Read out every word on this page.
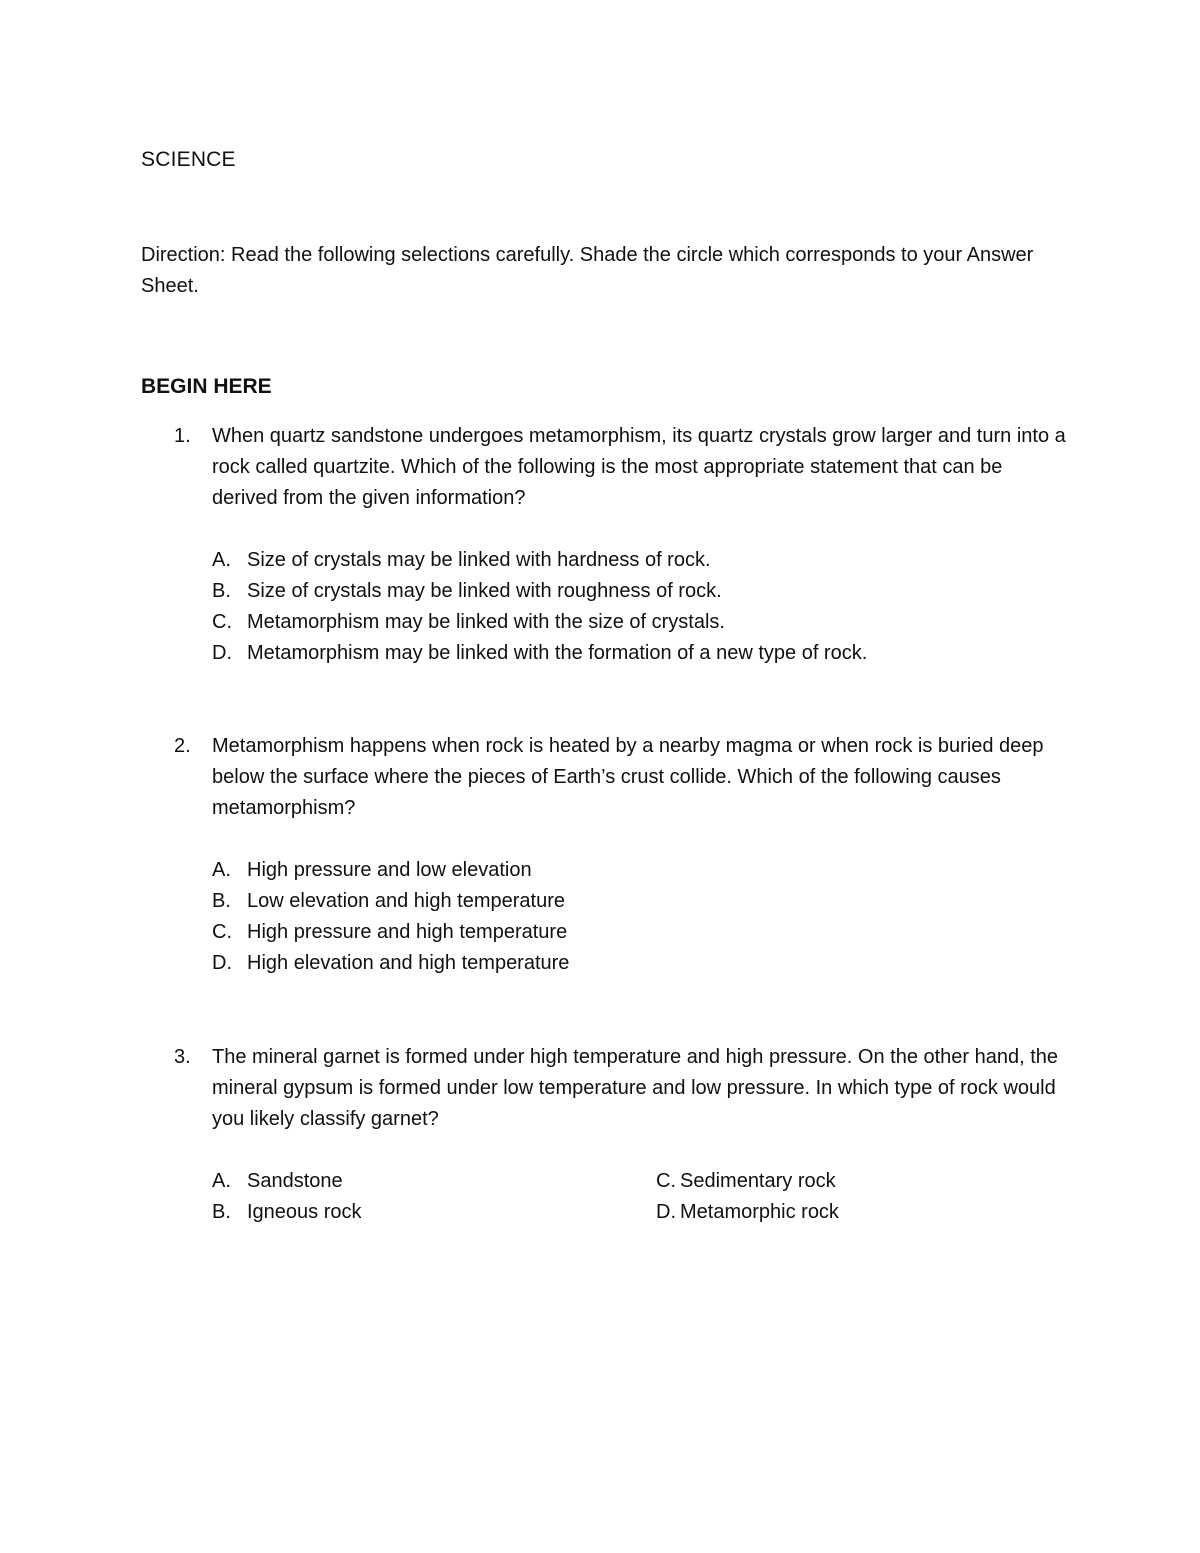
SCIENCE
Direction: Read the following selections carefully. Shade the circle which corresponds to your Answer Sheet.
BEGIN HERE
1. When quartz sandstone undergoes metamorphism, its quartz crystals grow larger and turn into a rock called quartzite. Which of the following is the most appropriate statement that can be derived from the given information?
A. Size of crystals may be linked with hardness of rock.
B. Size of crystals may be linked with roughness of rock.
C. Metamorphism may be linked with the size of crystals.
D. Metamorphism may be linked with the formation of a new type of rock.
2. Metamorphism happens when rock is heated by a nearby magma or when rock is buried deep below the surface where the pieces of Earth’s crust collide. Which of the following causes metamorphism?
A. High pressure and low elevation
B. Low elevation and high temperature
C. High pressure and high temperature
D. High elevation and high temperature
3. The mineral garnet is formed under high temperature and high pressure. On the other hand, the mineral gypsum is formed under low temperature and low pressure. In which type of rock would you likely classify garnet?
A. Sandstone
B. Igneous rock
C. Sedimentary rock
D. Metamorphic rock
